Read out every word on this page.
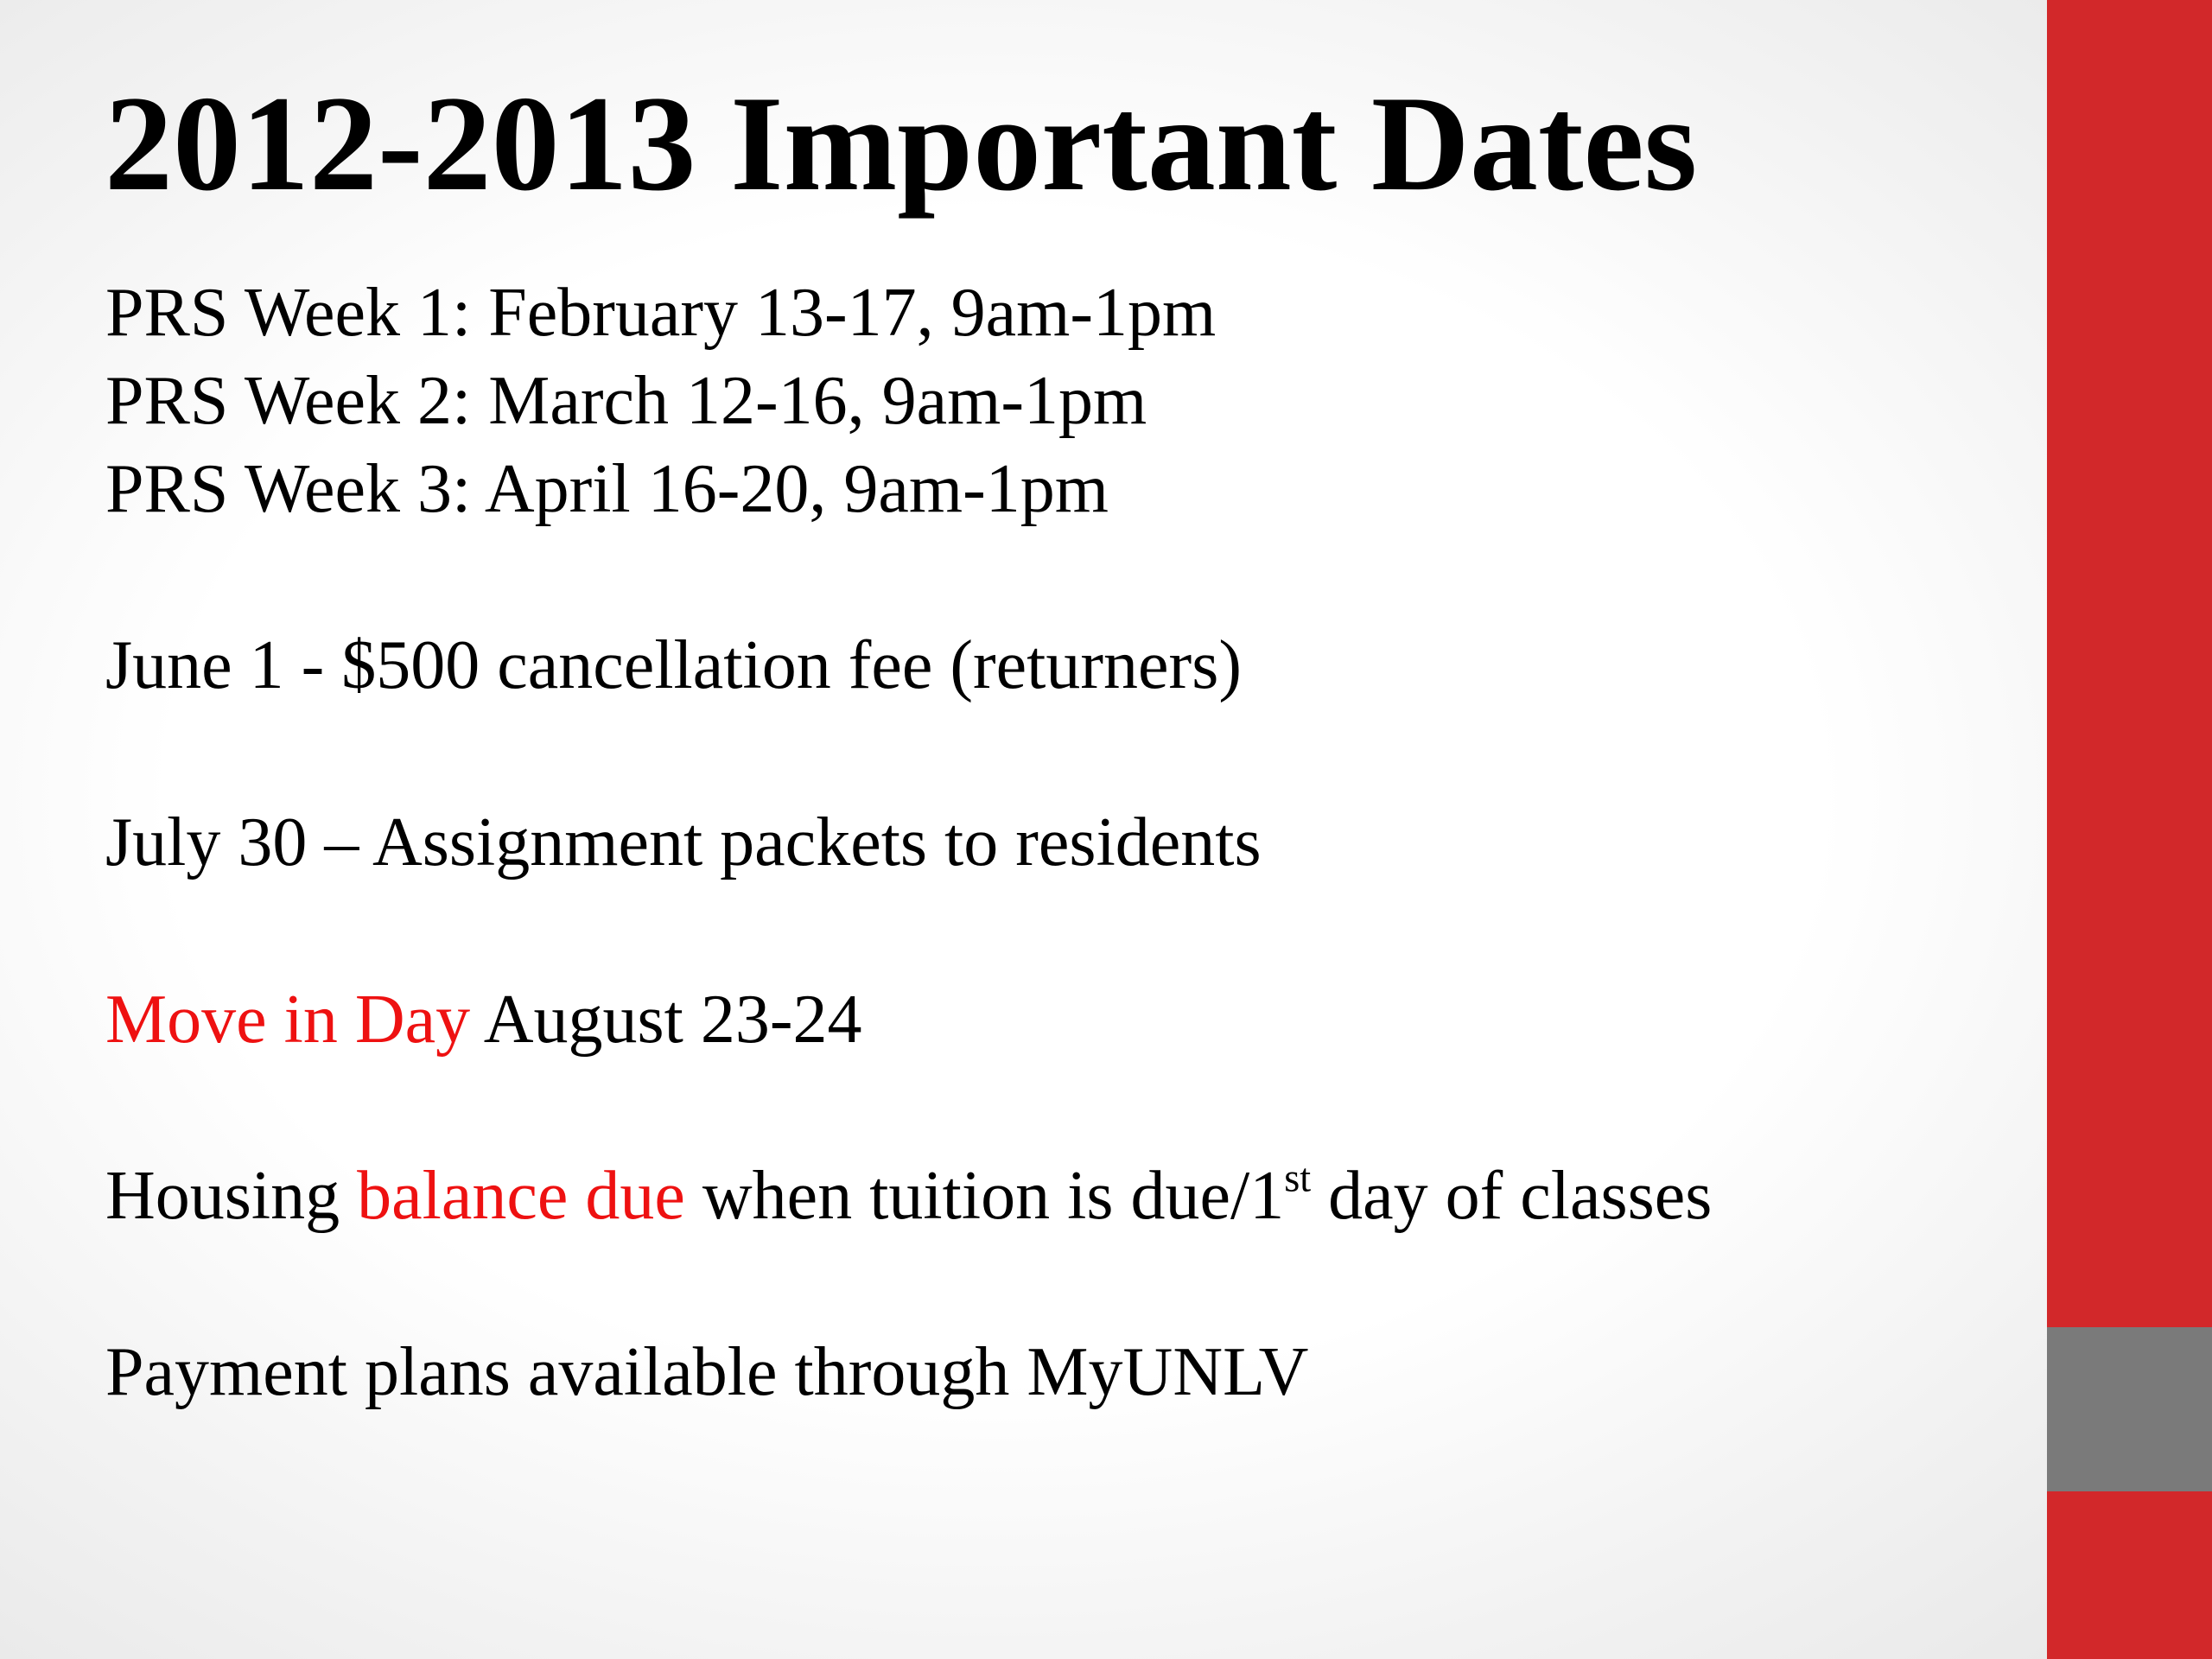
2012-2013 Important Dates

PRS Week 1: February 13-17, 9am-1pm

PRS Week 2: March 12-16, 9am-1pm

PRS Week 3: April 16-20, 9am-1pm

June 1 - $500 cancellation fee (returners)

July 30 – Assignment packets to residents

Move in Day August 23-24

Housing balance due when tuition is due/1st day of classes

Payment plans available through MyUNLV
